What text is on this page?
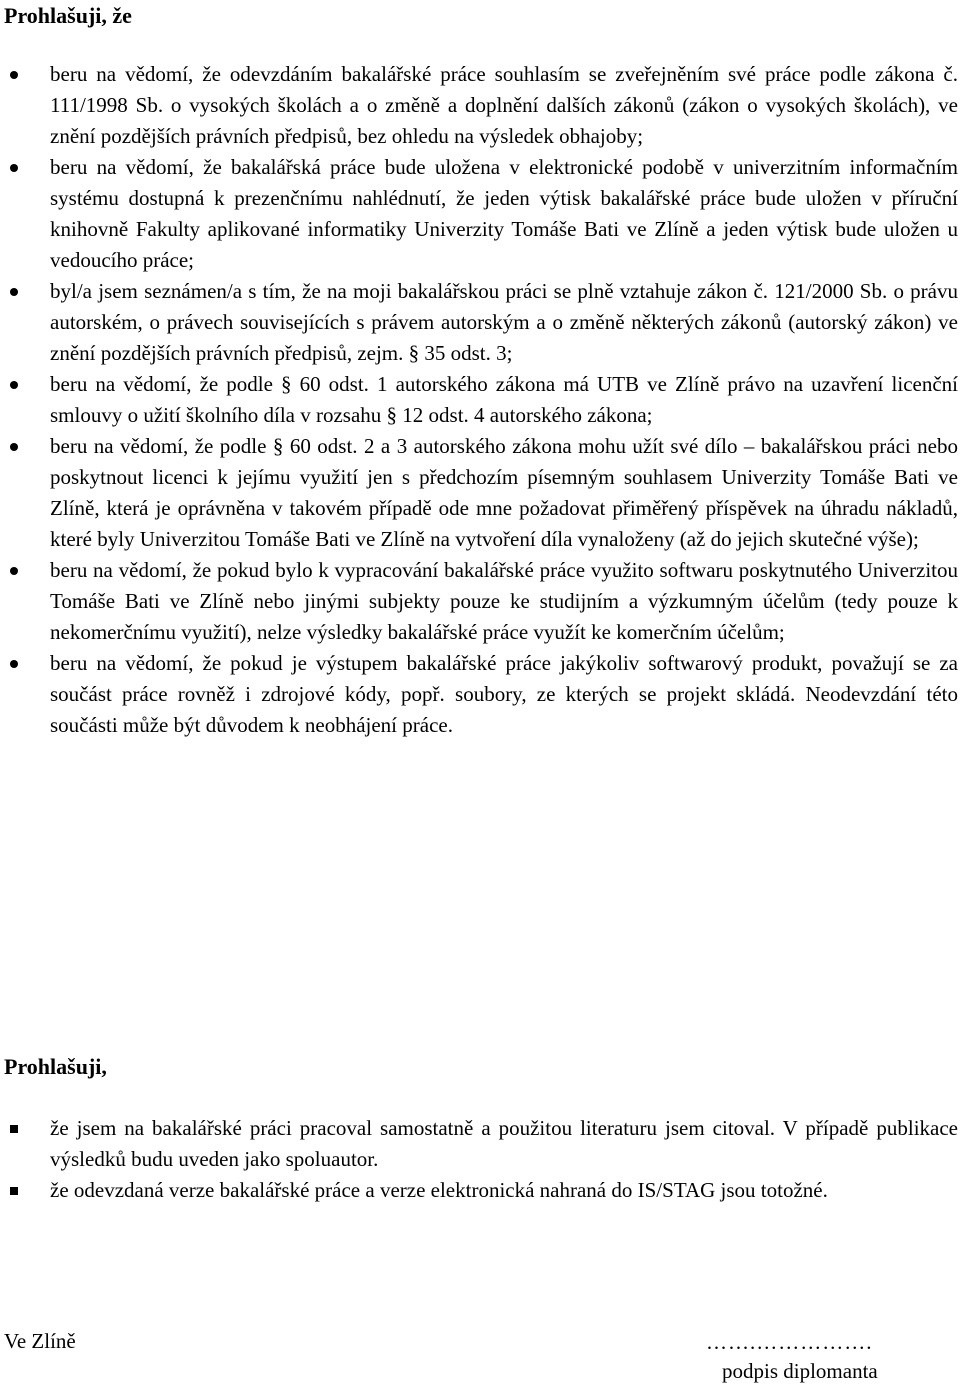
Prohlašuji, že
beru na vědomí, že odevzdáním bakalářské práce souhlasím se zveřejněním své práce podle zákona č. 111/1998 Sb. o vysokých školách a o změně a doplnění dalších zákonů (zákon o vysokých školách), ve znění pozdějších právních předpisů, bez ohledu na výsledek obhajoby;
beru na vědomí, že bakalářská práce bude uložena v elektronické podobě v univerzitním informačním systému dostupná k prezenčnímu nahlédnutí, že jeden výtisk bakalářské práce bude uložen v příruční knihovně Fakulty aplikované informatiky Univerzity Tomáše Bati ve Zlíně a jeden výtisk bude uložen u vedoucího práce;
byl/a jsem seznámen/a s tím, že na moji bakalářskou práci se plně vztahuje zákon č. 121/2000 Sb. o právu autorském, o právech souvisejících s právem autorským a o změně některých zákonů (autorský zákon) ve znění pozdějších právních předpisů, zejm. § 35 odst. 3;
beru na vědomí, že podle § 60 odst. 1 autorského zákona má UTB ve Zlíně právo na uzavření licenční smlouvy o užití školního díla v rozsahu § 12 odst. 4 autorského zákona;
beru na vědomí, že podle § 60 odst. 2 a 3 autorského zákona mohu užít své dílo – bakalářskou práci nebo poskytnout licenci k jejímu využití jen s předchozím písemným souhlasem Univerzity Tomáše Bati ve Zlíně, která je oprávněna v takovém případě ode mne požadovat přiměřený příspěvek na úhradu nákladů, které byly Univerzitou Tomáše Bati ve Zlíně na vytvoření díla vynaloženy (až do jejich skutečné výše);
beru na vědomí, že pokud bylo k vypracování bakalářské práce využito softwaru poskytnutého Univerzitou Tomáše Bati ve Zlíně nebo jinými subjekty pouze ke studijním a výzkumným účelům (tedy pouze k nekomerčnímu využití), nelze výsledky bakalářské práce využít ke komerčním účelům;
beru na vědomí, že pokud je výstupem bakalářské práce jakýkoliv softwarový produkt, považují se za součást práce rovněž i zdrojové kódy, popř. soubory, ze kterých se projekt skládá. Neodevzdání této součásti může být důvodem k neobhájení práce.
Prohlašuji,
že jsem na bakalářské práci pracoval samostatně a použitou literaturu jsem citoval. V případě publikace výsledků budu uveden jako spoluautor.
že odevzdaná verze bakalářské práce a verze elektronická nahraná do IS/STAG jsou totožné.
Ve Zlíně	…….…………….
podpis diplomanta
